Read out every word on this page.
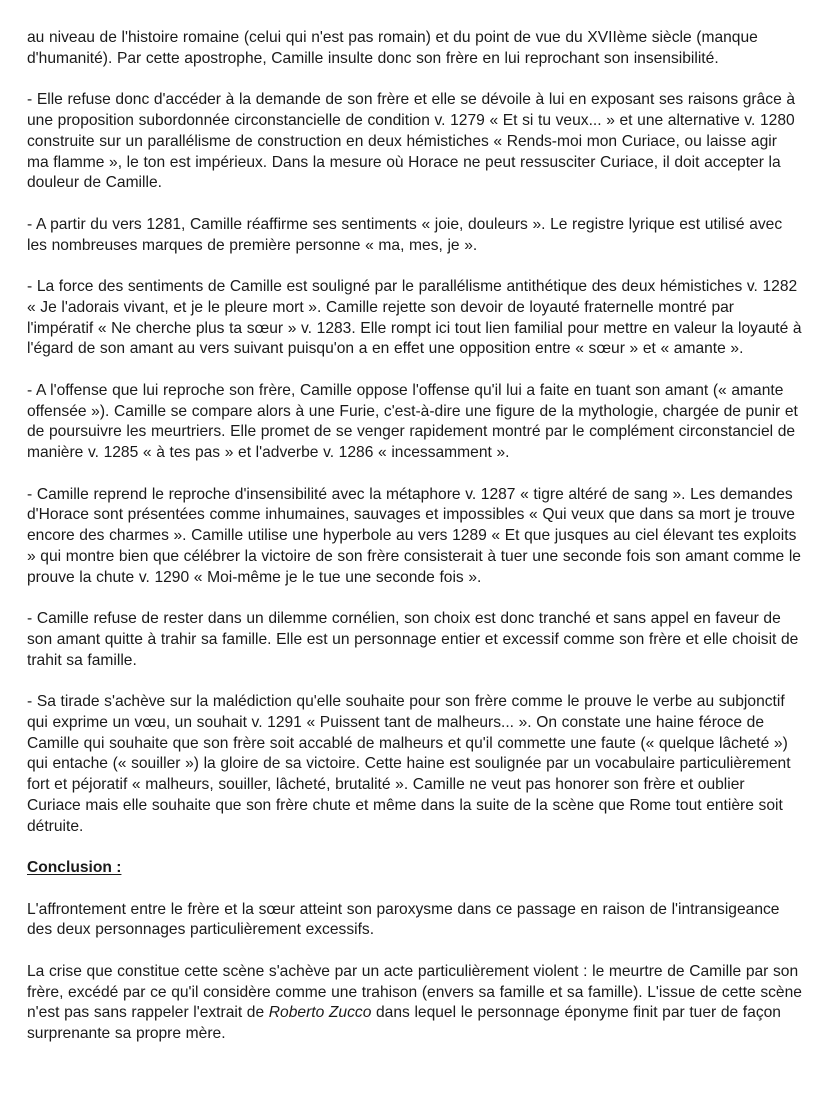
au niveau de l'histoire romaine (celui qui n'est pas romain) et du point de vue du XVIIème siècle (manque d'humanité). Par cette apostrophe, Camille insulte donc son frère en lui reprochant son insensibilité.

- Elle refuse donc d'accéder à la demande de son frère et elle se dévoile à lui en exposant ses raisons grâce à une proposition subordonnée circonstancielle de condition v. 1279 « Et si tu veux... » et une alternative v. 1280 construite sur un parallélisme de construction en deux hémistiches « Rends-moi mon Curiace, ou laisse agir ma flamme », le ton est impérieux. Dans la mesure où Horace ne peut ressusciter Curiace, il doit accepter la douleur de Camille.

- A partir du vers 1281, Camille réaffirme ses sentiments « joie, douleurs ». Le registre lyrique est utilisé avec les nombreuses marques de première personne « ma, mes, je ».

- La force des sentiments de Camille est souligné par le parallélisme antithétique des deux hémistiches v. 1282 « Je l'adorais vivant, et je le pleure mort ». Camille rejette son devoir de loyauté fraternelle montré par l'impératif « Ne cherche plus ta sœur » v. 1283. Elle rompt ici tout lien familial pour mettre en valeur la loyauté à l'égard de son amant au vers suivant puisqu'on a en effet une opposition entre « sœur » et « amante ».

- A l'offense que lui reproche son frère, Camille oppose l'offense qu'il lui a faite en tuant son amant (« amante offensée »). Camille se compare alors à une Furie, c'est-à-dire une figure de la mythologie, chargée de punir et de poursuivre les meurtriers. Elle promet de se venger rapidement montré par le complément circonstanciel de manière v. 1285 « à tes pas » et l'adverbe v. 1286 « incessamment ».

- Camille reprend le reproche d'insensibilité avec la métaphore v. 1287 « tigre altéré de sang ». Les demandes d'Horace sont présentées comme inhumaines, sauvages et impossibles « Qui veux que dans sa mort je trouve encore des charmes ». Camille utilise une hyperbole au vers 1289 « Et que jusques au ciel élevant tes exploits » qui montre bien que célébrer la victoire de son frère consisterait à tuer une seconde fois son amant comme le prouve la chute v. 1290 « Moi-même je le tue une seconde fois ».

- Camille refuse de rester dans un dilemme cornélien, son choix est donc tranché et sans appel en faveur de son amant quitte à trahir sa famille. Elle est un personnage entier et excessif comme son frère et elle choisit de trahit sa famille.

- Sa tirade s'achève sur la malédiction qu'elle souhaite pour son frère comme le prouve le verbe au subjonctif qui exprime un vœu, un souhait v. 1291 « Puissent tant de malheurs... ». On constate une haine féroce de Camille qui souhaite que son frère soit accablé de malheurs et qu'il commette une faute (« quelque lâcheté ») qui entache (« souiller ») la gloire de sa victoire. Cette haine est soulignée par un vocabulaire particulièrement fort et péjoratif « malheurs, souiller, lâcheté, brutalité ». Camille ne veut pas honorer son frère et oublier Curiace mais elle souhaite que son frère chute et même dans la suite de la scène que Rome tout entière soit détruite.

Conclusion :

L'affrontement entre le frère et la sœur atteint son paroxysme dans ce passage en raison de l'intransigeance des deux personnages particulièrement excessifs.

La crise que constitue cette scène s'achève par un acte particulièrement violent : le meurtre de Camille par son frère, excédé par ce qu'il considère comme une trahison (envers sa famille et sa famille). L'issue de cette scène n'est pas sans rappeler l'extrait de Roberto Zucco dans lequel le personnage éponyme finit par tuer de façon surprenante sa propre mère.
